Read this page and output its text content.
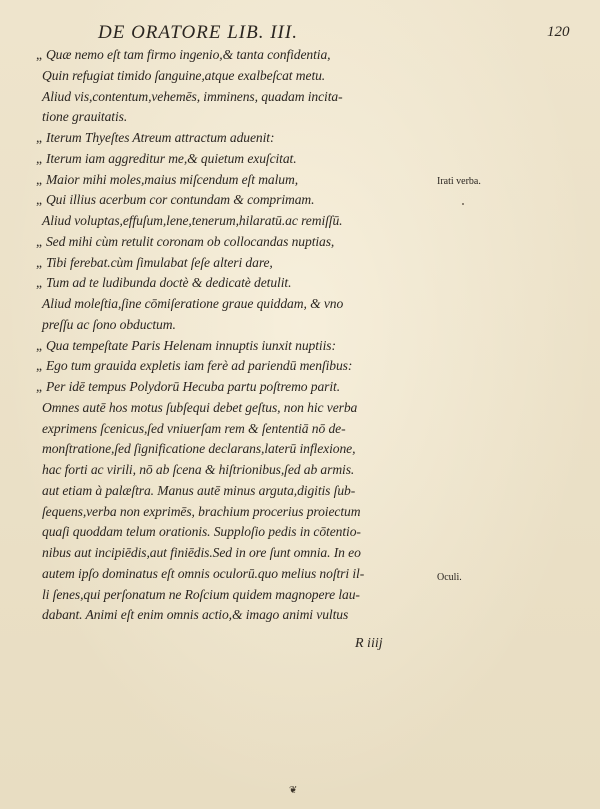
DE ORATORE LIB. III.	120
„ Quæ nemo eſt tam firmo ingenio,& tanta confidentia,
Quin refugiat timido ſanguine,atque exalbeſcat metu.
Aliud vis,contentum,vehemēs, imminens, quadam incita-
tione grauitatis.
„ Iterum Thyeſtes Atreum attractum aduenit:
„ Iterum iam aggreditur me,& quietum exuſcitat.
„ Maior mihi moles,maius miſcendum eſt malum,
„ Qui illius acerbum cor contundam & comprimam.
Aliud voluptas,effuſum,lene,tenerum,hilaratū.ac remiſſū.
„ Sed mihi cùm retulit coronam ob collocandas nuptias,
„ Tibi ferebat.cùm ſimulabat ſeſe alteri dare,
„ Tum ad te ludibunda doctè & dedicatè detulit.
Aliud moleſtia,ſine cōmiſeratione graue quiddam, & vno
preſſu ac ſono obductum.
„ Qua tempeſtate Paris Helenam innuptis iunxit nuptiis:
„ Ego tum grauida expletis iam ferè ad pariendū menſibus:
„ Per idē tempus Polydorū Hecuba partu poſtremo parit.
Omnes autē hos motus ſubſequi debet geſtus, non hic verba
exprimens ſcenicus,ſed vniuerſam rem & ſententiā nō de-
monſtratione,ſed ſignificatione declarans,laterū inflexione,
hac forti ac virili, nō ab ſcena & hiſtrionibus,ſed ab armis.
aut etiam à palæſtra. Manus autē minus arguta,digitis ſub-
ſequens,verba non exprimēs, brachium procerius proiectum
quaſi quoddam telum orationis. Supploſio pedis in cōtentio-
nibus aut incipiēdis,aut finiēdis.Sed in ore ſunt omnia. In eo
autem ipſo dominatus eſt omnis oculorū.quo melius noſtri il-
li ſenes,qui perſonatum ne Roſcium quidem magnopere lau-
dabant. Animi eſt enim omnis actio,& imago animi vultus
Irati verba.
Oculi.
R iiij
❦
